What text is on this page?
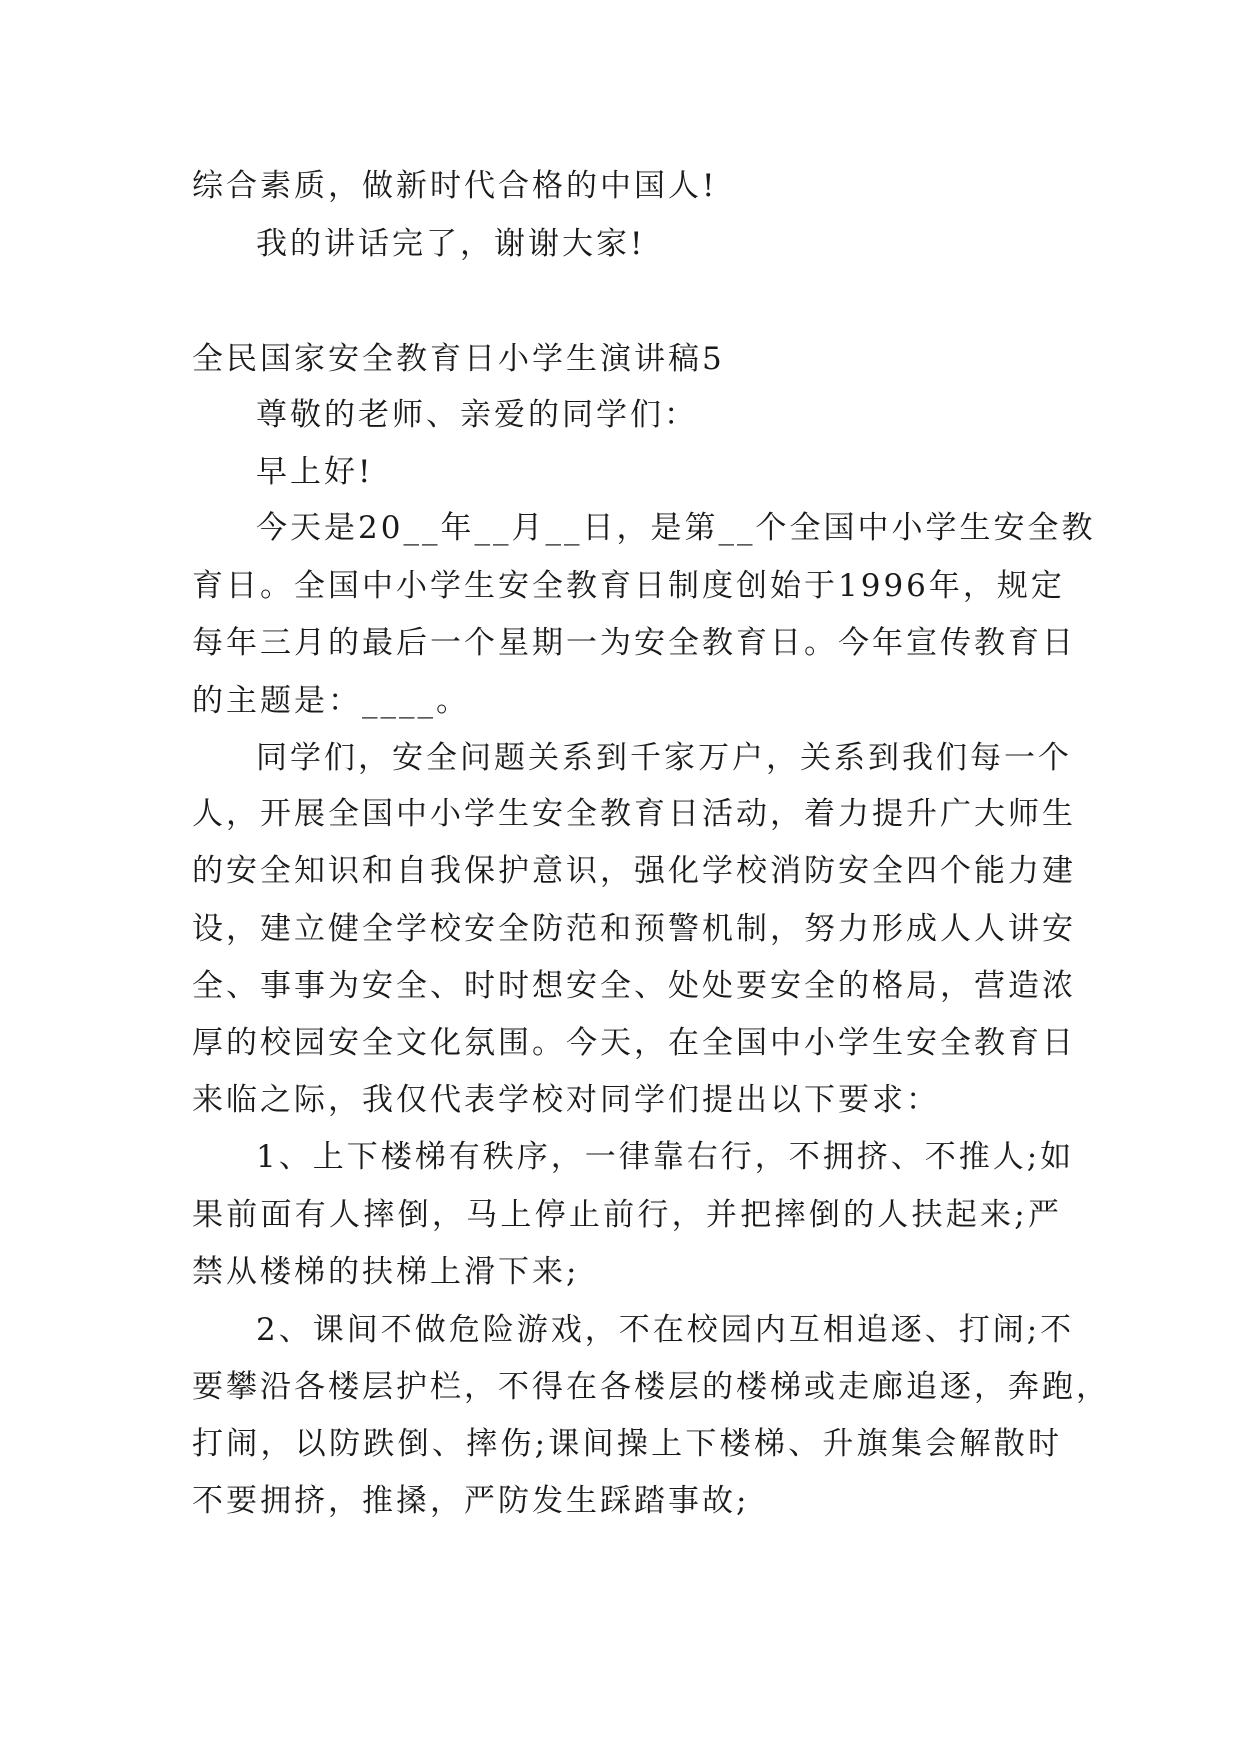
综合素质，做新时代合格的中国人!
我的讲话完了，谢谢大家!
全民国家安全教育日小学生演讲稿5
尊敬的老师、亲爱的同学们：
早上好!
今天是20__年__月__日，是第__个全国中小学生安全教
育日。全国中小学生安全教育日制度创始于1996年，规定
每年三月的最后一个星期一为安全教育日。今年宣传教育日
的主题是：____。
同学们，安全问题关系到千家万户，关系到我们每一个
人，开展全国中小学生安全教育日活动，着力提升广大师生
的安全知识和自我保护意识，强化学校消防安全四个能力建
设，建立健全学校安全防范和预警机制，努力形成人人讲安
全、事事为安全、时时想安全、处处要安全的格局，营造浓
厚的校园安全文化氛围。今天，在全国中小学生安全教育日
来临之际，我仅代表学校对同学们提出以下要求：
1、上下楼梯有秩序，一律靠右行，不拥挤、不推人;如
果前面有人摔倒，马上停止前行，并把摔倒的人扶起来;严
禁从楼梯的扶梯上滑下来;
2、课间不做危险游戏，不在校园内互相追逐、打闹;不
要攀沿各楼层护栏，不得在各楼层的楼梯或走廊追逐，奔跑，
打闹，以防跌倒、摔伤;课间操上下楼梯、升旗集会解散时
不要拥挤，推搡，严防发生踩踏事故;
